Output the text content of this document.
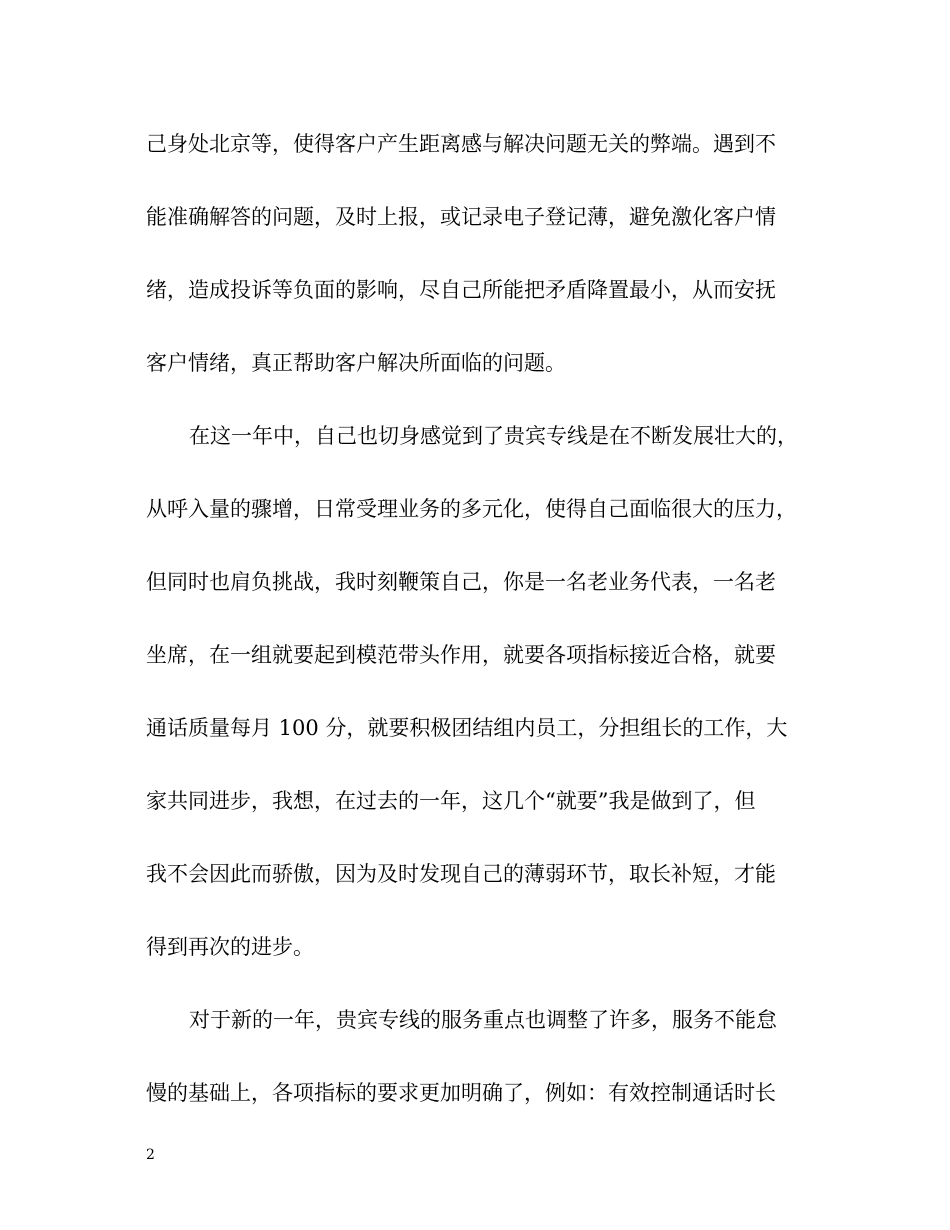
己身处北京等，使得客户产生距离感与解决问题无关的弊端。遇到不
能准确解答的问题，及时上报，或记录电子登记薄，避免激化客户情
绪，造成投诉等负面的影响，尽自己所能把矛盾降置最小，从而安抚
客户情绪，真正帮助客户解决所面临的问题。
在这一年中，自己也切身感觉到了贵宾专线是在不断发展壮大的，
从呼入量的骤增，日常受理业务的多元化，使得自己面临很大的压力，
但同时也肩负挑战，我时刻鞭策自己，你是一名老业务代表，一名老
坐席，在一组就要起到模范带头作用，就要各项指标接近合格，就要
通话质量每月 100 分，就要积极团结组内员工，分担组长的工作，大
家共同进步，我想，在过去的一年，这几个“就要”我是做到了，但
我不会因此而骄傲，因为及时发现自己的薄弱环节，取长补短，才能
得到再次的进步。
对于新的一年，贵宾专线的服务重点也调整了许多，服务不能怠
慢的基础上，各项指标的要求更加明确了，例如：有效控制通话时长
2
